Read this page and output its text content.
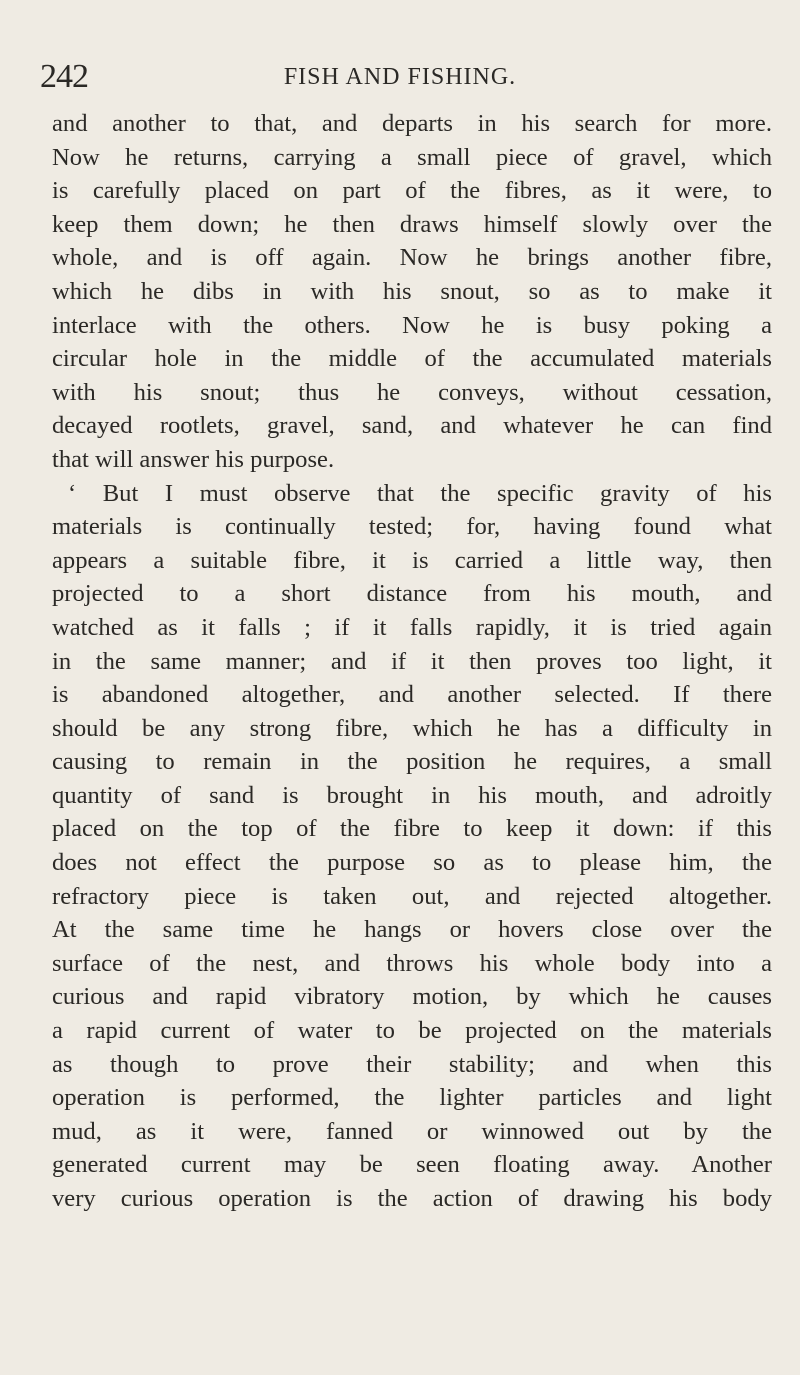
242	FISH AND FISHING.
and another to that, and departs in his search for more.
Now he returns, carrying a small piece of gravel, which
is carefully placed on part of the fibres, as it were, to
keep them down; he then draws himself slowly over the
whole, and is off again. Now he brings another fibre,
which he dibs in with his snout, so as to make it
interlace with the others. Now he is busy poking a
circular hole in the middle of the accumulated materials
with his snout; thus he conveys, without cessation,
decayed rootlets, gravel, sand, and whatever he can find
that will answer his purpose.
‘ But I must observe that the specific gravity of his
materials is continually tested; for, having found what
appears a suitable fibre, it is carried a little way, then
projected to a short distance from his mouth, and
watched as it falls ; if it falls rapidly, it is tried again
in the same manner; and if it then proves too light, it
is abandoned altogether, and another selected. If there
should be any strong fibre, which he has a difficulty in
causing to remain in the position he requires, a small
quantity of sand is brought in his mouth, and adroitly
placed on the top of the fibre to keep it down: if this
does not effect the purpose so as to please him, the
refractory piece is taken out, and rejected altogether.
At the same time he hangs or hovers close over the
surface of the nest, and throws his whole body into a
curious and rapid vibratory motion, by which he causes
a rapid current of water to be projected on the materials
as though to prove their stability; and when this
operation is performed, the lighter particles and light
mud, as it were, fanned or winnowed out by the
generated current may be seen floating away. Another
very curious operation is the action of drawing his body
